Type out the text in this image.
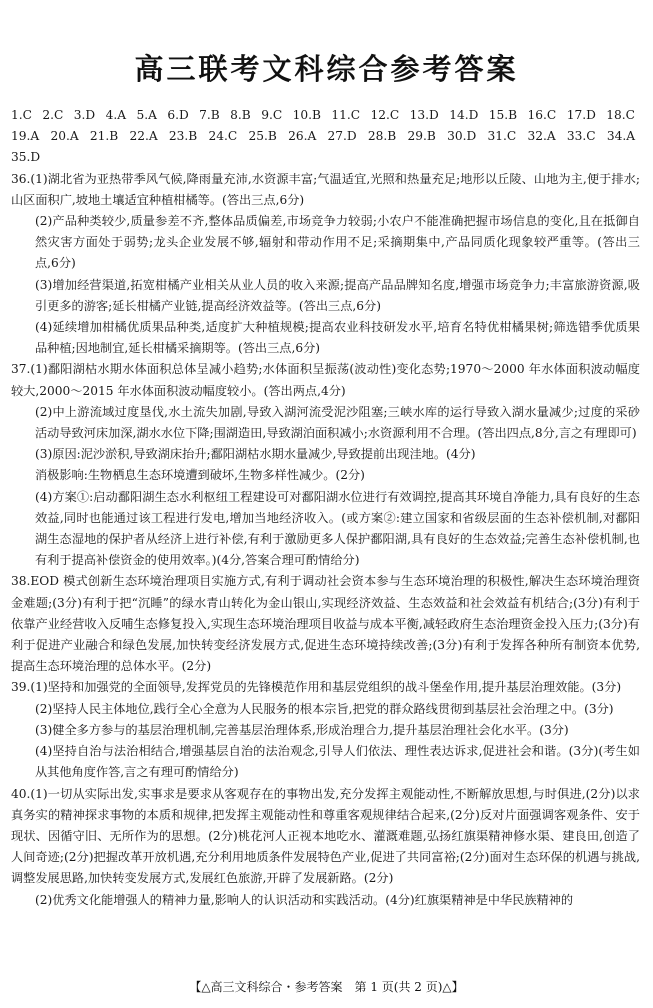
高三联考文科综合参考答案
1.C 2.C 3.D 4.A 5.A 6.D 7.B 8.B 9.C 10.B 11.C 12.C 13.D 14.D 15.B 16.C 17.D 18.C 19.A 20.A 21.B 22.A 23.B 24.C 25.B 26.A 27.D 28.B 29.B 30.D 31.C 32.A 33.C 34.A 35.D
36.(1)湖北省为亚热带季风气候,降雨量充沛,水资源丰富;气温适宜,光照和热量充足;地形以丘陵、山地为主,便于排水;山区面积广,坡地土壤适宜种植柑橘等。(答出三点,6分)
(2)产品种类较少,质量参差不齐,整体品质偏差,市场竞争力较弱;小农户不能准确把握市场信息的变化,且在抵御自然灾害方面处于弱势;龙头企业发展不够,辐射和带动作用不足;采摘期集中,产品同质化现象较严重等。(答出三点,6分)
(3)增加经营渠道,拓宽柑橘产业相关从业人员的收入来源;提高产品品牌知名度,增强市场竞争力;丰富旅游资源,吸引更多的游客;延长柑橘产业链,提高经济效益等。(答出三点,6分)
(4)延续增加柑橘优质果品种类,适度扩大种植规模;提高农业科技研发水平,培育名特优柑橘果树;筛选错季优质果品种植;因地制宜,延长柑橘采摘期等。(答出三点,6分)
37.(1)鄱阳湖枯水期水体面积总体呈减小趋势;水体面积呈振荡(波动性)变化态势;1970～2000 年水体面积波动幅度较大,2000～2015 年水体面积波动幅度较小。(答出两点,4分)
(2)中上游流域过度垦伐,水土流失加剧,导致入湖河流受泥沙阻塞;三峡水库的运行导致入湖水量减少;过度的采砂活动导致河床加深,湖水水位下降;围湖造田,导致湖泊面积减小;水资源利用不合理。(答出四点,8分,言之有理即可)
(3)原因:泥沙淤积,导致湖床抬升;鄱阳湖枯水期水量减少,导致提前出现洼地。(4分)
消极影响:生物栖息生态环境遭到破坏,生物多样性减少。(2分)
(4)方案①:启动鄱阳湖生态水利枢纽工程建设可对鄱阳湖水位进行有效调控,提高其环境自净能力,具有良好的生态效益,同时也能通过该工程进行发电,增加当地经济收入。(或方案②:建立国家和省级层面的生态补偿机制,对鄱阳湖生态湿地的保护者从经济上进行补偿,有利于激励更多人保护鄱阳湖,具有良好的生态效益;完善生态补偿机制,也有利于提高补偿资金的使用效率。)(4分,答案合理可酌情给分)
38.EOD 模式创新生态环境治理项目实施方式,有利于调动社会资本参与生态环境治理的积极性,解决生态环境治理资金难题;(3分)有利于把“沉睡”的绿水青山转化为金山银山,实现经济效益、生态效益和社会效益有机结合;(3分)有利于依靠产业经营收入反哺生态修复投入,实现生态环境治理项目收益与成本平衡,减轻政府生态治理资金投入压力;(3分)有利于促进产业融合和绿色发展,加快转变经济发展方式,促进生态环境持续改善;(3分)有利于发挥各种所有制资本优势,提高生态环境治理的总体水平。(2分)
39.(1)坚持和加强党的全面领导,发挥党员的先锋模范作用和基层党组织的战斗堡垒作用,提升基层治理效能。(3分)
(2)坚持人民主体地位,践行全心全意为人民服务的根本宗旨,把党的群众路线贯彻到基层社会治理之中。(3分)
(3)健全多方参与的基层治理机制,完善基层治理体系,形成治理合力,提升基层治理社会化水平。(3分)
(4)坚持自治与法治相结合,增强基层自治的法治观念,引导人们依法、理性表达诉求,促进社会和谐。(3分)(考生如从其他角度作答,言之有理可酌情给分)
40.(1)一切从实际出发,实事求是要求从客观存在的事物出发,充分发挥主观能动性,不断解放思想,与时俱进,(2分)以求真务实的精神探求事物的本质和规律,把发挥主观能动性和尊重客观规律结合起来,(2分)反对片面强调客观条件、安于现状、因循守旧、无所作为的思想。(2分)桃花河人正视本地吃水、灌溉难题,弘扬红旗渠精神修水渠、建良田,创造了人间奇迹;(2分)把握改革开放机遇,充分利用地质条件发展特色产业,促进了共同富裕;(2分)面对生态环保的机遇与挑战,调整发展思路,加快转变发展方式,发展红色旅游,开辟了发展新路。(2分)
(2)优秀文化能增强人的精神力量,影响人的认识活动和实践活动。(4分)红旗渠精神是中华民族精神的
【△高三文科综合・参考答案　第 1 页(共 2 页)△】
